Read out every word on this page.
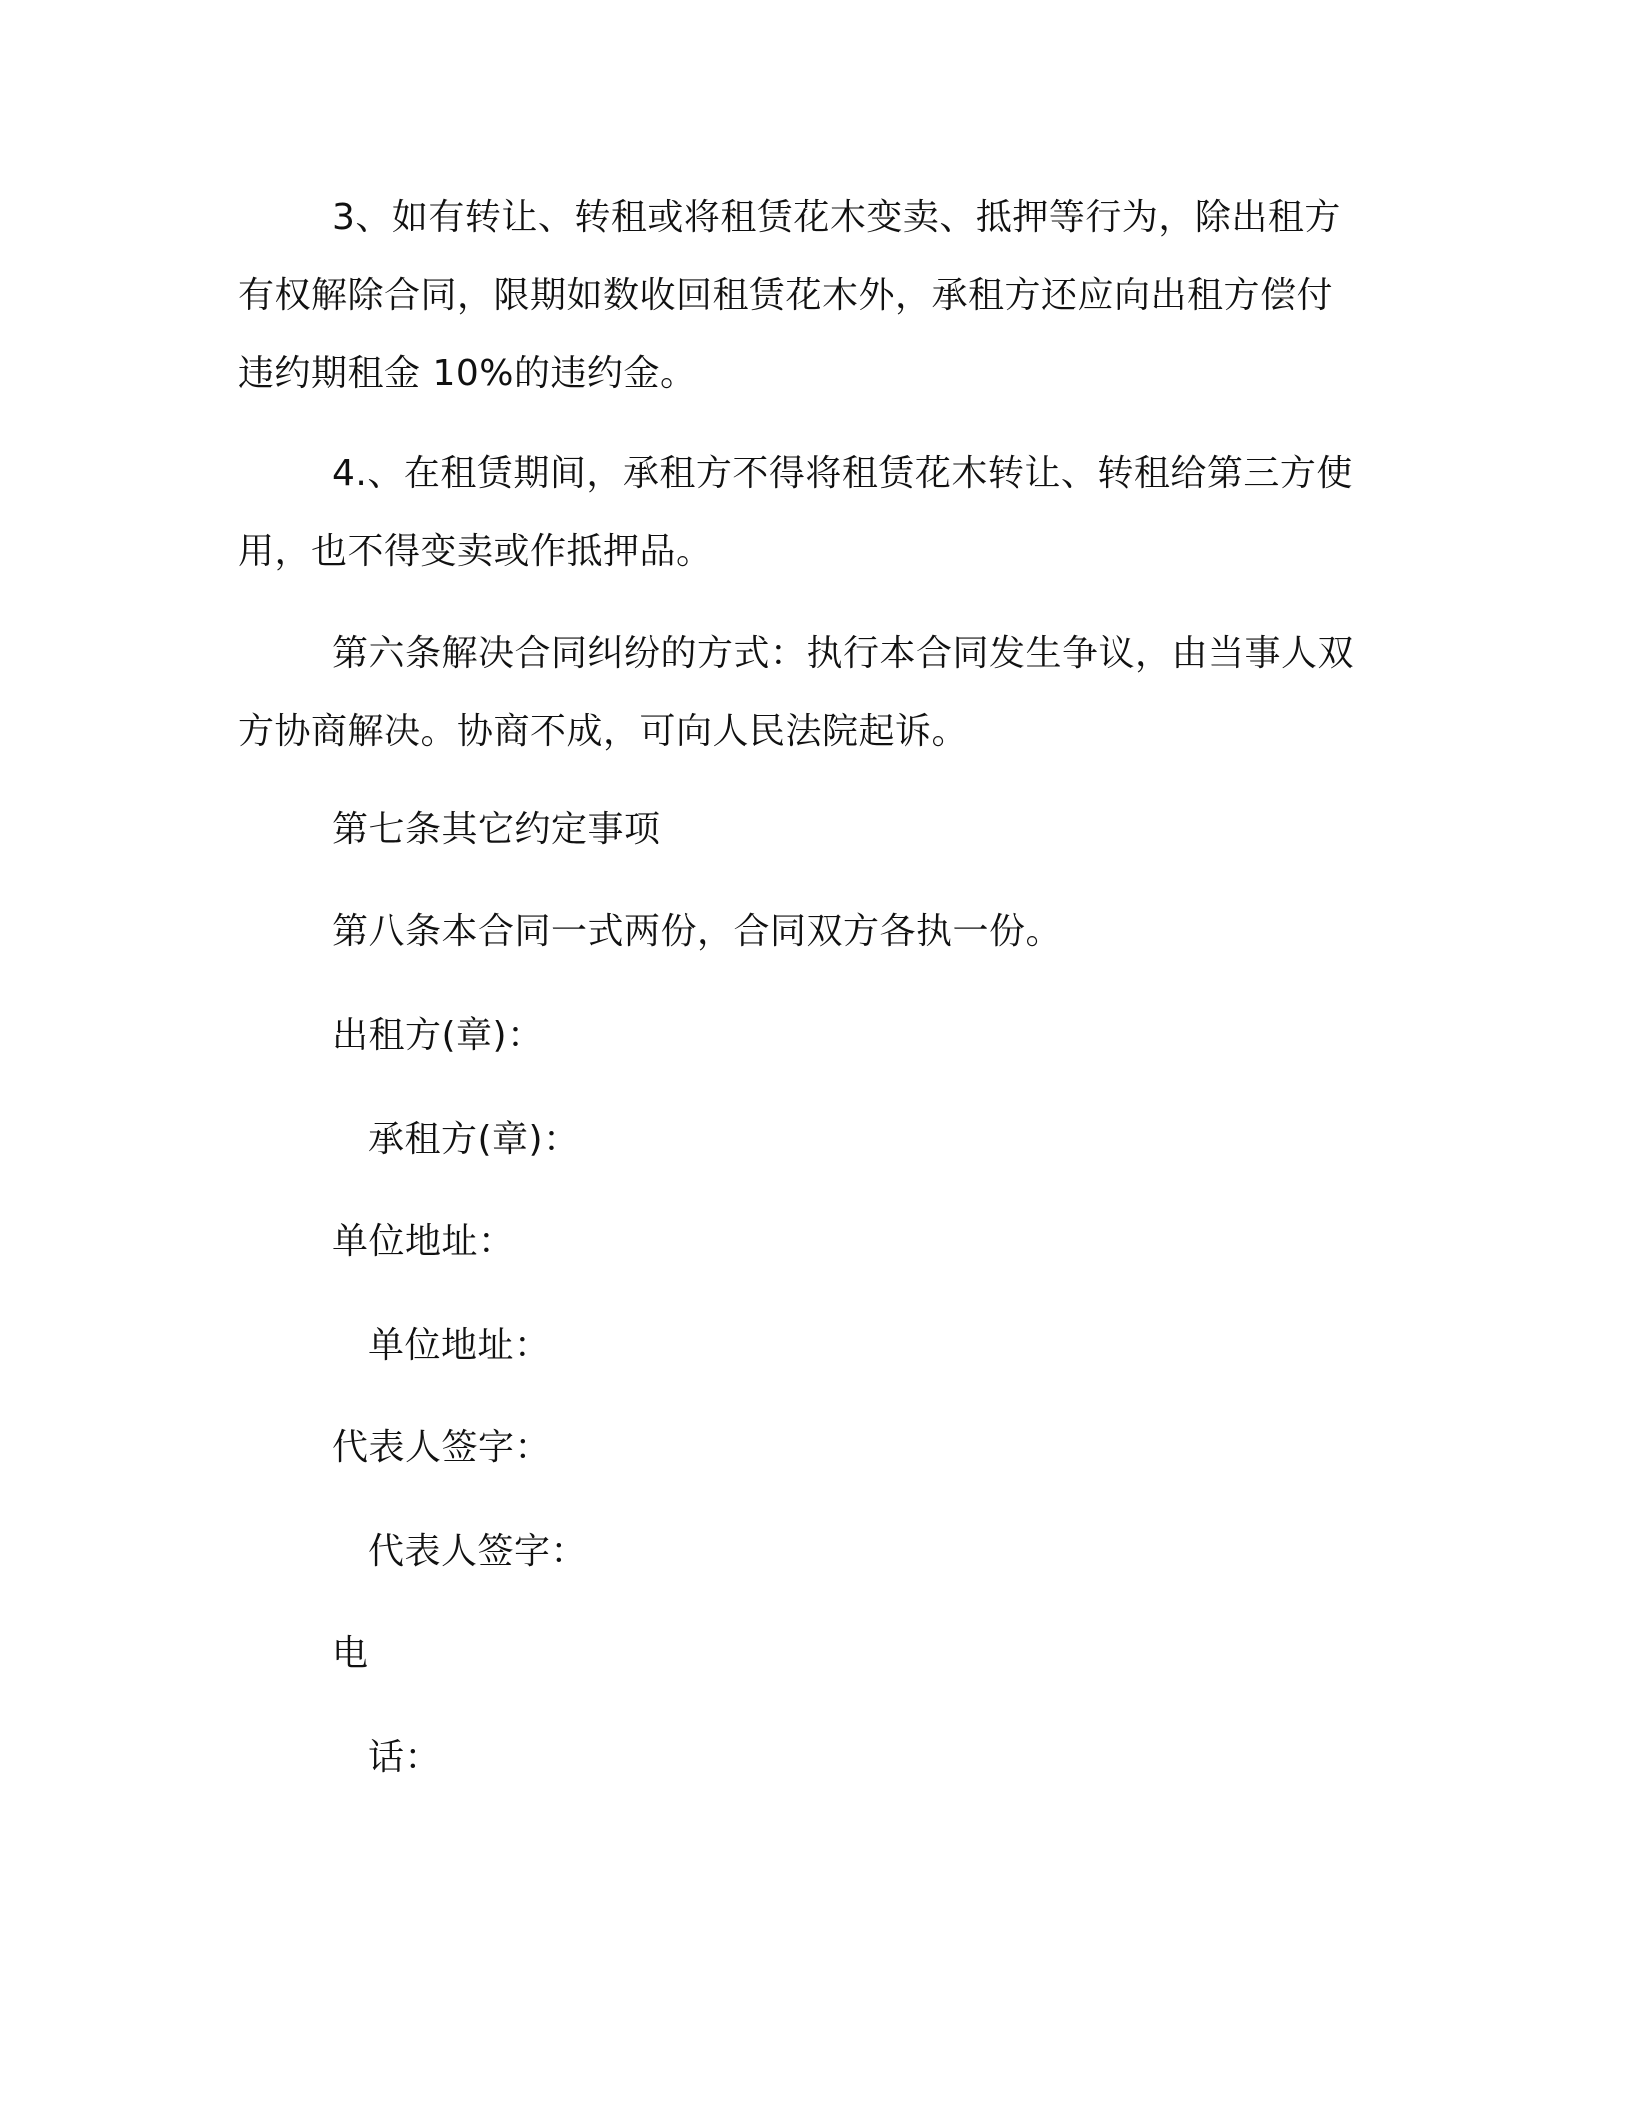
3、如有转让、转租或将租赁花木变卖、抵押等行为，除出租方
有权解除合同，限期如数收回租赁花木外，承租方还应向出租方偿付
违约期租金 10%的违约金。
4.、在租赁期间，承租方不得将租赁花木转让、转租给第三方使
用，也不得变卖或作抵押品。
第六条解决合同纠纷的方式：执行本合同发生争议，由当事人双
方协商解决。协商不成，可向人民法院起诉。
第七条其它约定事项
第八条本合同一式两份，合同双方各执一份。
出租方(章)：
承租方(章)：
单位地址：
单位地址：
代表人签字：
代表人签字：
电
话：
